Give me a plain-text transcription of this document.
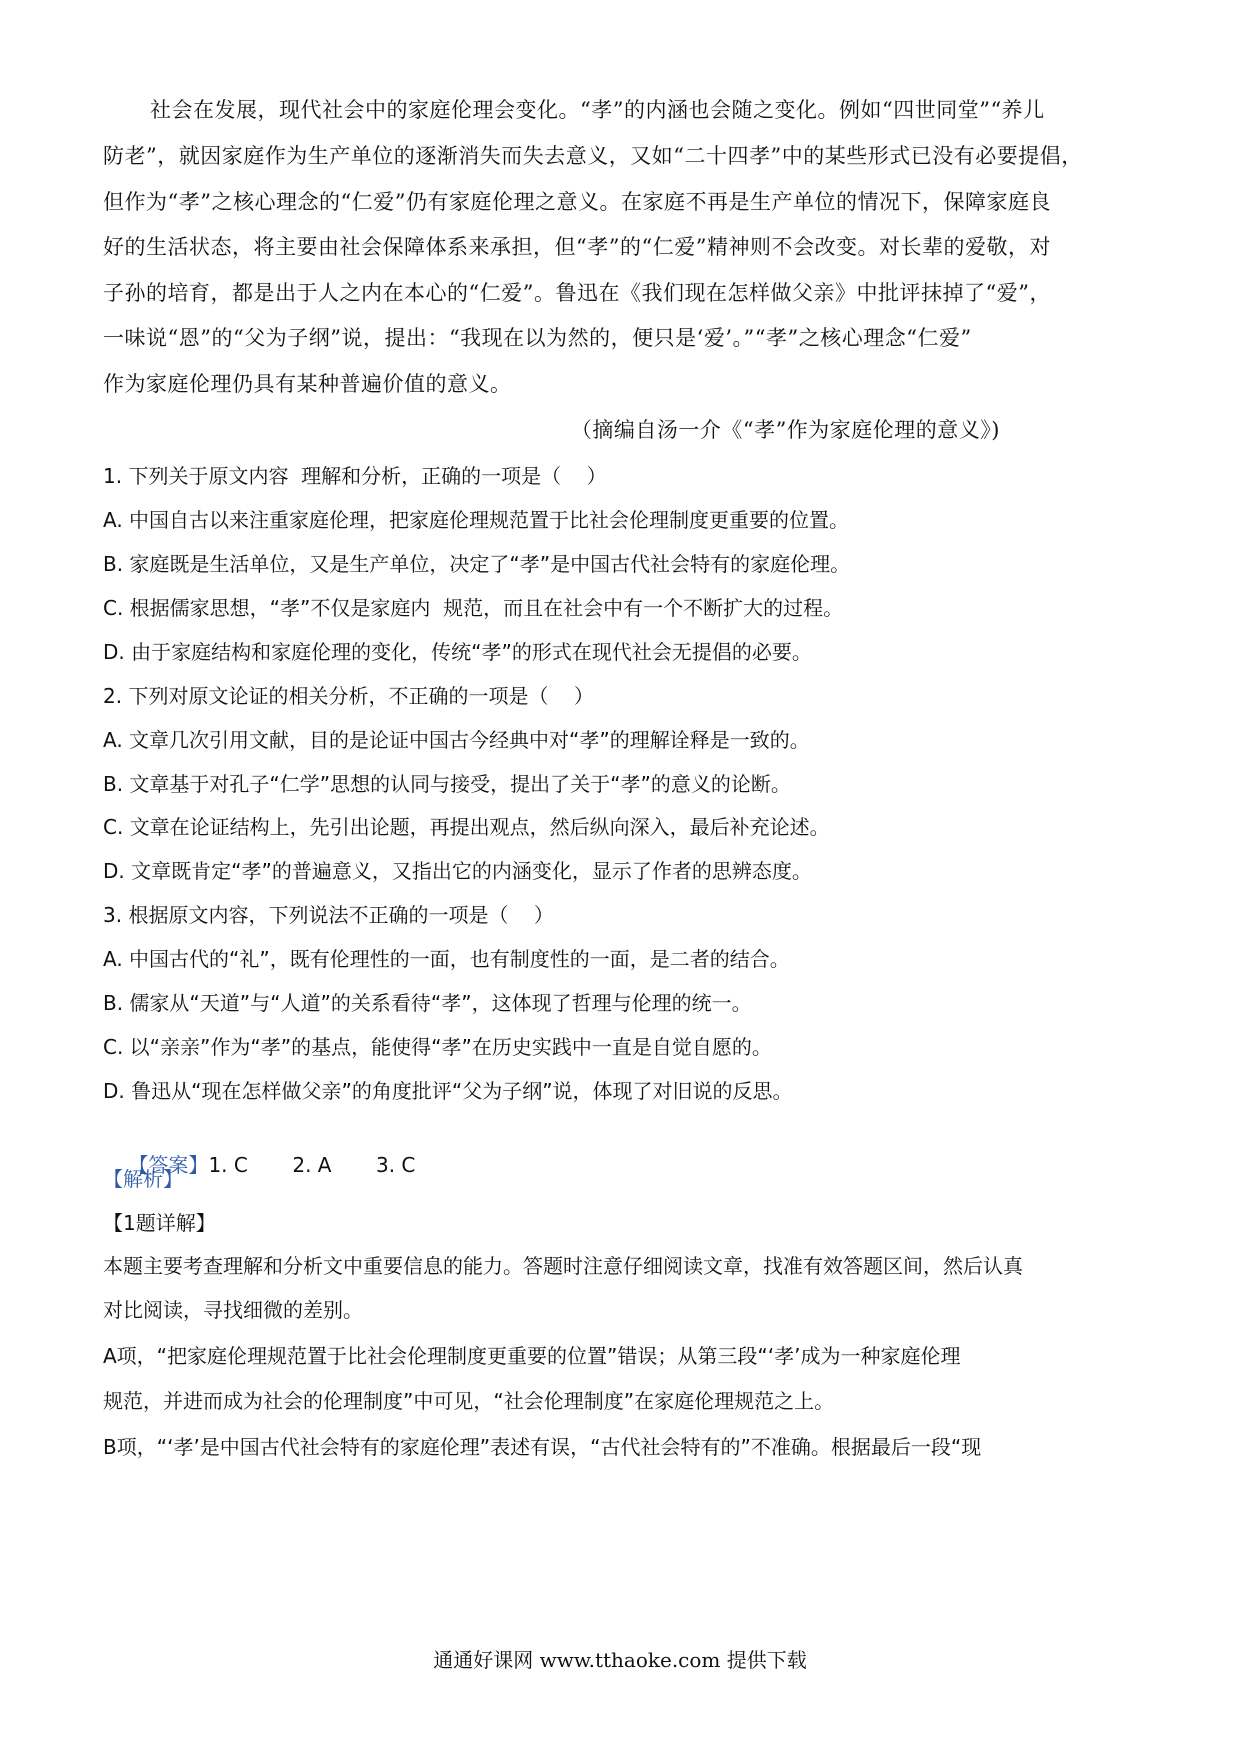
社会在发展，现代社会中的家庭伦理会变化。“孝”的内涵也会随之变化。例如“四世同堂”“养儿
防老”，就因家庭作为生产单位的逐渐消失而失去意义，又如“二十四孝”中的某些形式已没有必要提倡，
但作为“孝”之核心理念的“仁爱”仍有家庭伦理之意义。在家庭不再是生产单位的情况下，保障家庭良
好的生活状态，将主要由社会保障体系来承担，但“孝”的“仁爱”精神则不会改变。对长辈的爱敬，对
子孙的培育，都是出于人之内在本心的“仁爱”。鲁迅在《我们现在怎样做父亲》中批评抹掉了“爱”，
一味说“恩”的“父为子纲”说，提出：“我现在以为然的，便只是‘爱’。”“孝”之核心理念“仁爱”
作为家庭伦理仍具有某种普遍价值的意义。
（摘编自汤一介《“孝”作为家庭伦理的意义》)
1. 下列关于原文内容  理解和分析，正确的一项是（    ）
A. 中国自古以来注重家庭伦理，把家庭伦理规范置于比社会伦理制度更重要的位置。
B. 家庭既是生活单位，又是生产单位，决定了“孝”是中国古代社会特有的家庭伦理。
C. 根据儒家思想，“孝”不仅是家庭内  规范，而且在社会中有一个不断扩大的过程。
D. 由于家庭结构和家庭伦理的变化，传统“孝”的形式在现代社会无提倡的必要。
2. 下列对原文论证的相关分析，不正确的一项是（    ）
A. 文章几次引用文献，目的是论证中国古今经典中对“孝”的理解诠释是一致的。
B. 文章基于对孔子“仁学”思想的认同与接受，提出了关于“孝”的意义的论断。
C. 文章在论证结构上，先引出论题，再提出观点，然后纵向深入，最后补充论述。
D. 文章既肯定“孝”的普遍意义，又指出它的内涵变化，显示了作者的思辨态度。
3. 根据原文内容，下列说法不正确的一项是（    ）
A. 中国古代的“礼”，既有伦理性的一面，也有制度性的一面，是二者的结合。
B. 儒家从“天道”与“人道”的关系看待“孝”，这体现了哲理与伦理的统一。
C. 以“亲亲”作为“孝”的基点，能使得“孝”在历史实践中一直是自觉自愿的。
D. 鲁迅从“现在怎样做父亲”的角度批评“父为子纲”说，体现了对旧说的反思。

【答案】1. C       2. A       3. C

【解析】
【1题详解】
本题主要考查理解和分析文中重要信息的能力。答题时注意仔细阅读文章，找准有效答题区间，然后认真
对比阅读，寻找细微的差别。
A项，“把家庭伦理规范置于比社会伦理制度更重要的位置”错误；从第三段“‘孝’成为一种家庭伦理
规范，并进而成为社会的伦理制度”中可见，“社会伦理制度”在家庭伦理规范之上。
B项，“‘孝’是中国古代社会特有的家庭伦理”表述有误，“古代社会特有的”不准确。根据最后一段“现
通通好课网 www.tthaoke.com 提供下载
